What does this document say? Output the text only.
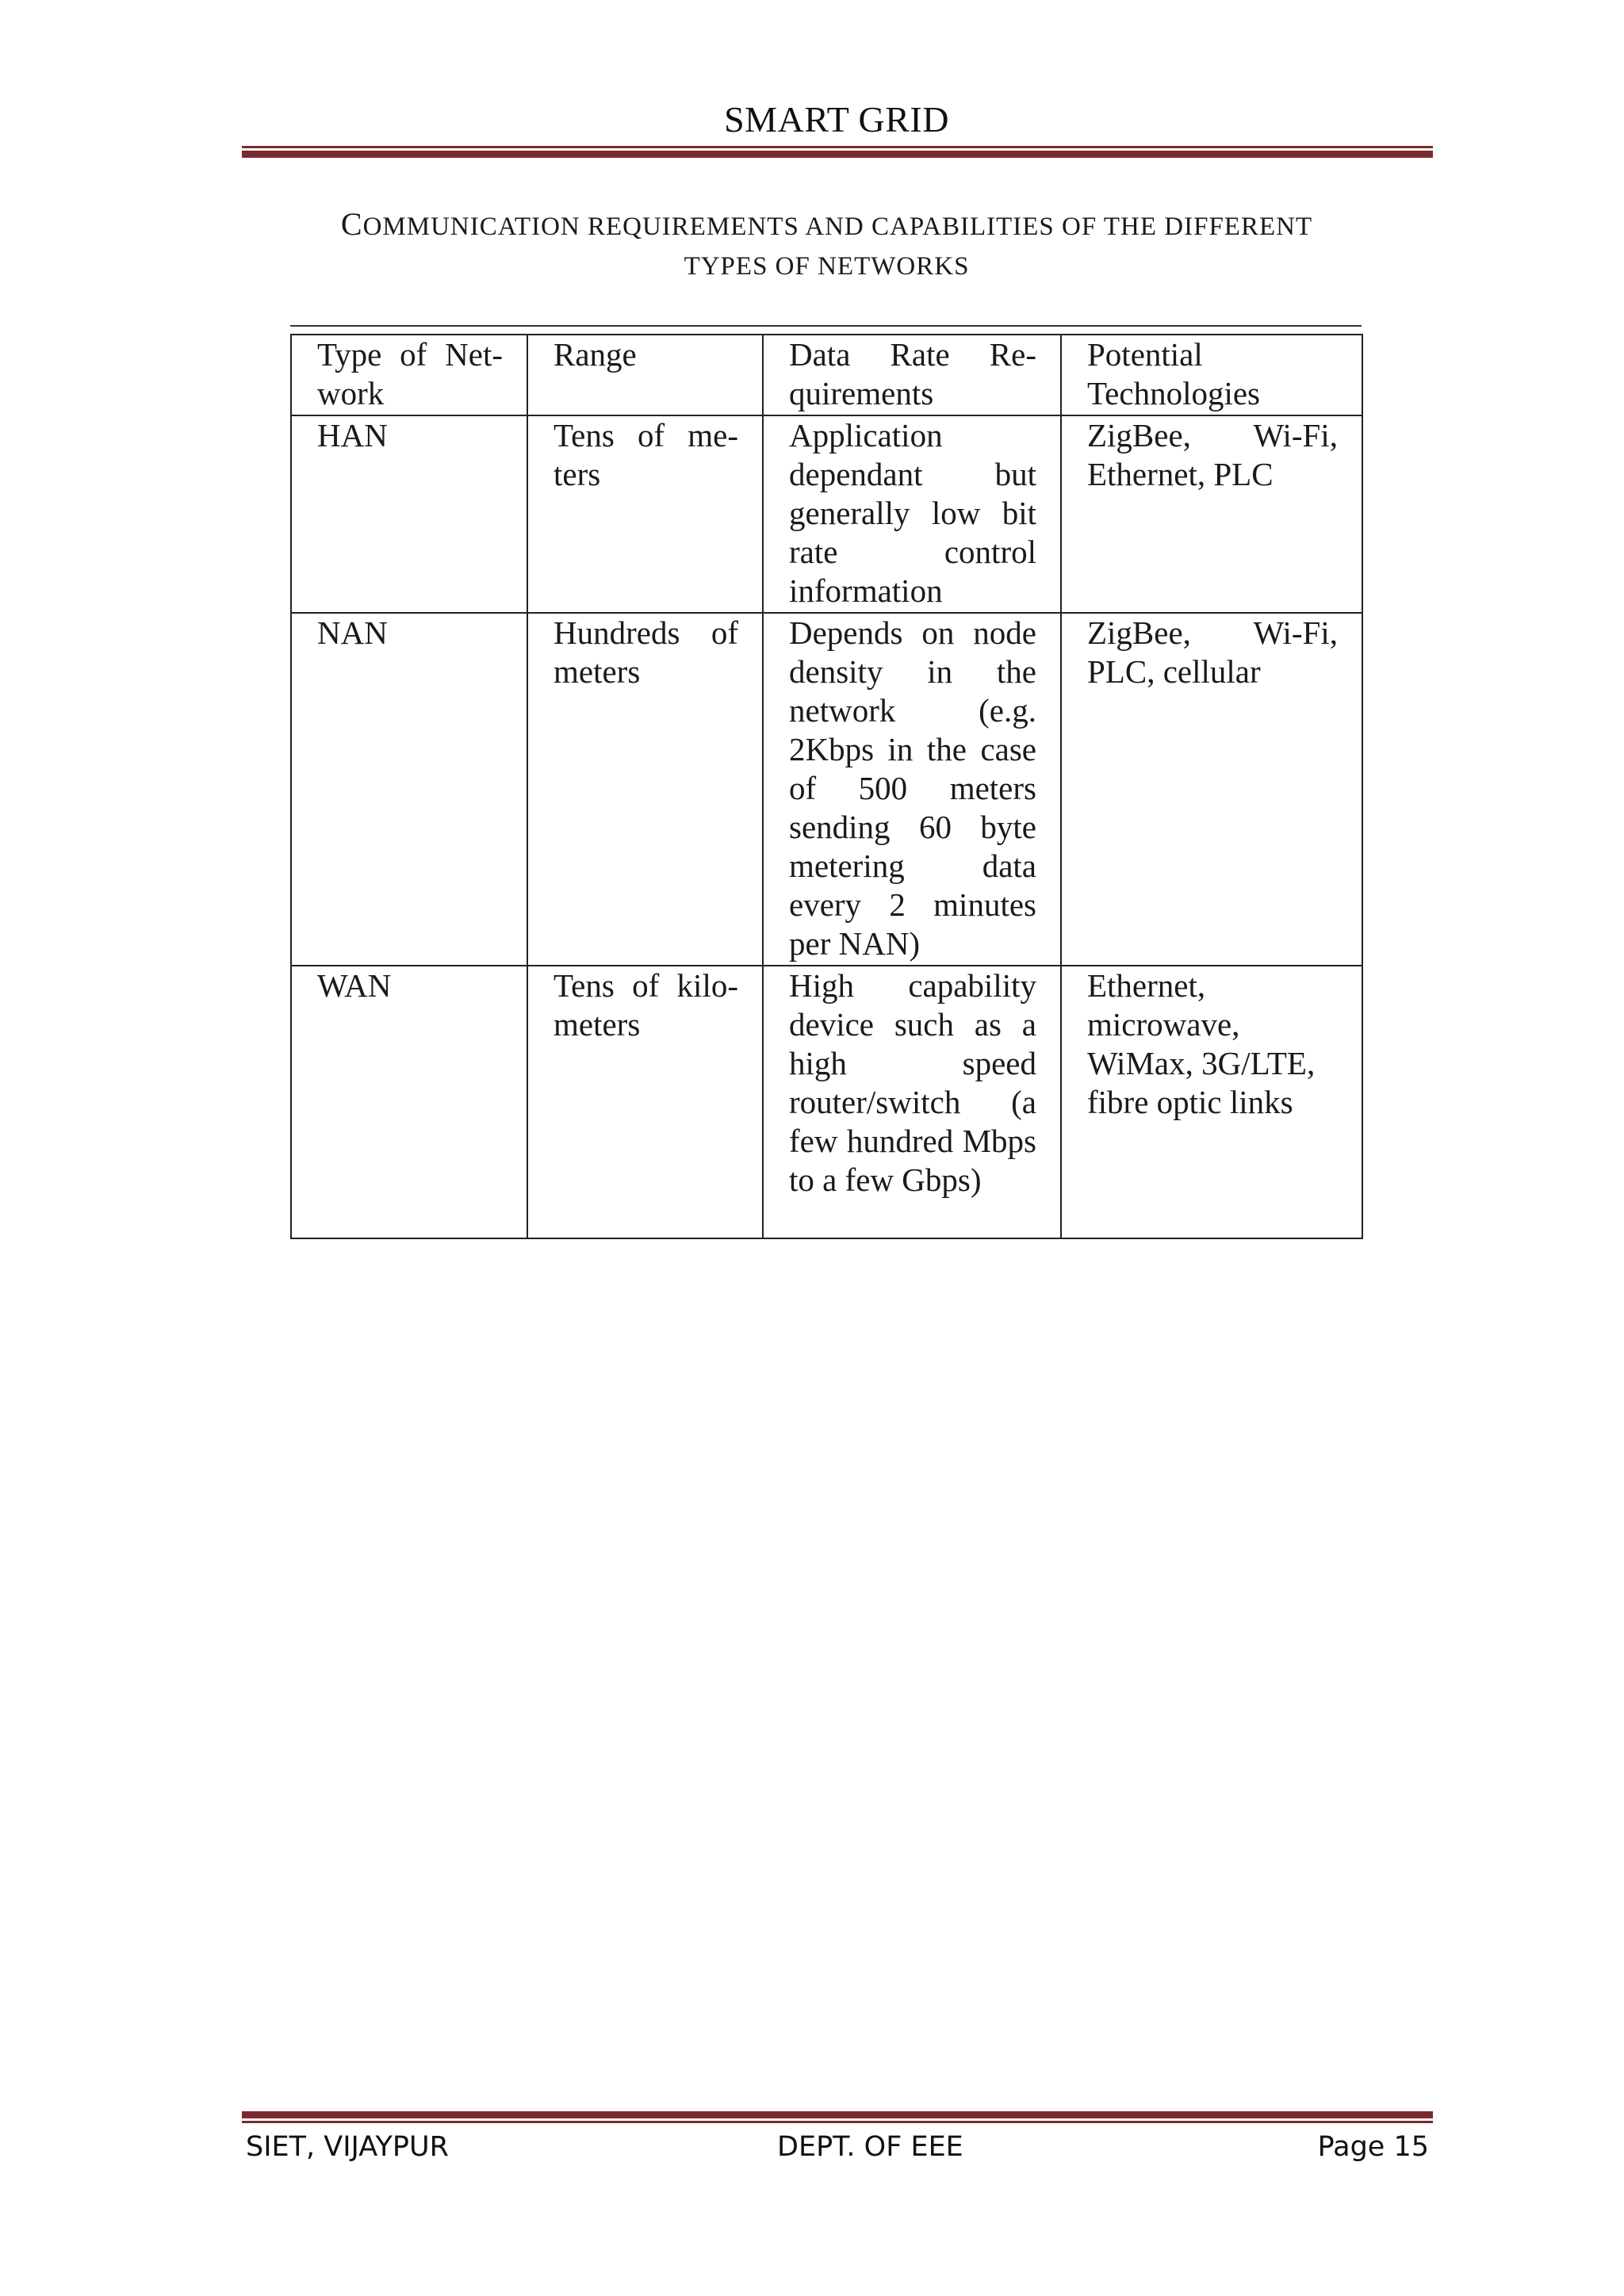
SMART GRID
COMMUNICATION REQUIREMENTS AND CAPABILITIES OF THE DIFFERENT
TYPES OF NETWORKS
Type of Net- work	Range	Data Rate Re- quirements	Potential Technologies
HAN	Tens of me- ters	Application dependant but generally low bit rate control information	ZigBee, Wi-Fi, Ethernet, PLC
NAN	Hundreds of meters	Depends on node density in the network (e.g. 2Kbps in the case of 500 meters sending 60 byte metering data every 2 minutes per NAN)	ZigBee, Wi-Fi, PLC, cellular
WAN	Tens of kilo- meters	High capability device such as a high speed router/switch (a few hundred Mbps to a few Gbps)	Ethernet, microwave, WiMax, 3G/LTE, fibre optic links
SIET, VIJAYPUR	DEPT. OF EEE	Page 15
